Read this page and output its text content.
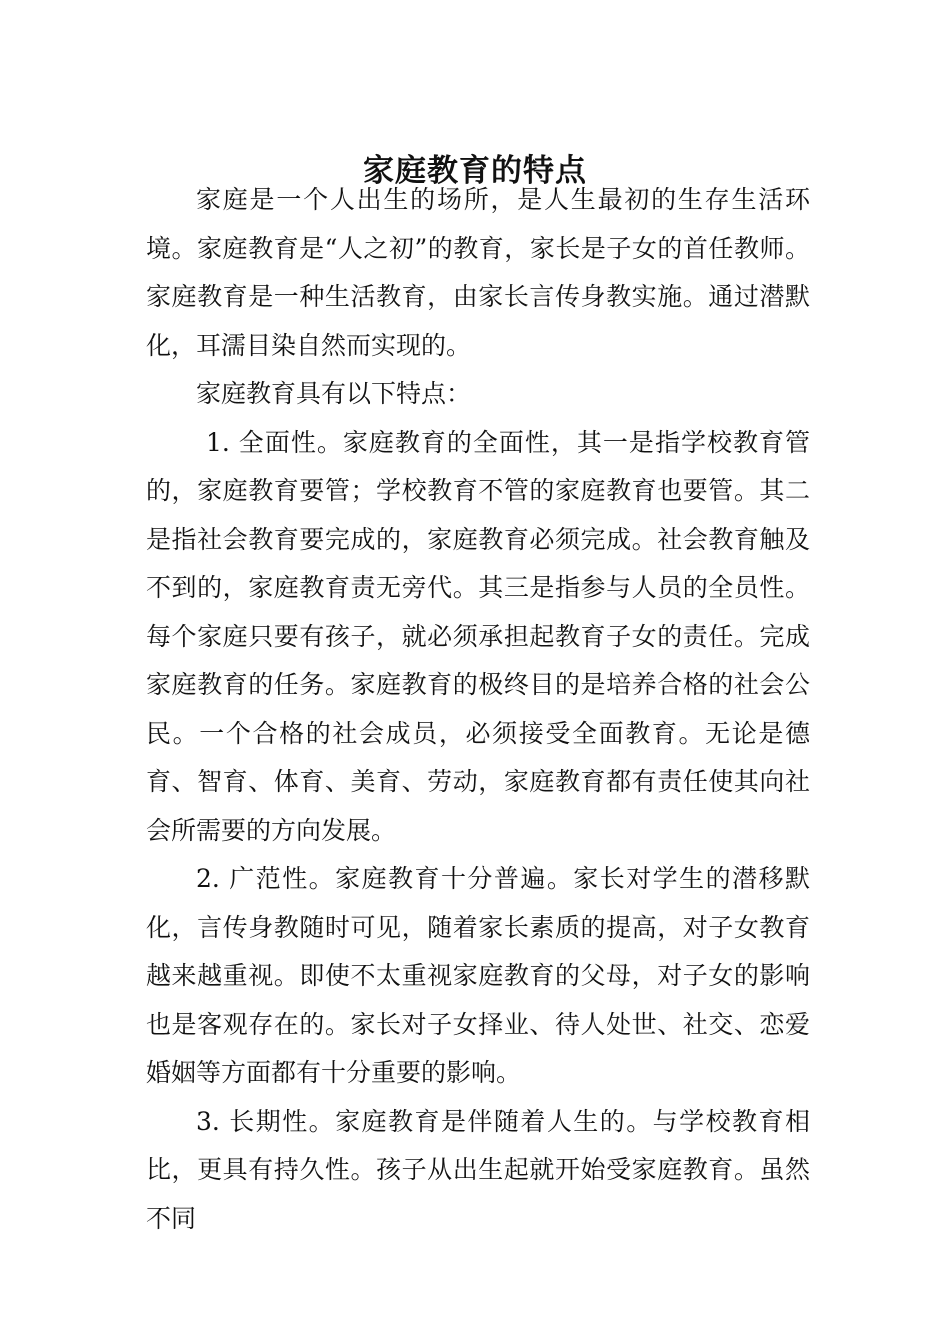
家庭教育的特点

家庭是一个人出生的场所，是人生最初的生存生活环境。家庭教育是“人之初”的教育，家长是子女的首任教师。家庭教育是一种生活教育，由家长言传身教实施。通过潜默化，耳濡目染自然而实现的。

家庭教育具有以下特点：

1. 全面性。家庭教育的全面性，其一是指学校教育管的，家庭教育要管；学校教育不管的家庭教育也要管。其二是指社会教育要完成的，家庭教育必须完成。社会教育触及不到的，家庭教育责无旁代。其三是指参与人员的全员性。每个家庭只要有孩子，就必须承担起教育子女的责任。完成家庭教育的任务。家庭教育的极终目的是培养合格的社会公民。一个合格的社会成员，必须接受全面教育。无论是德育、智育、体育、美育、劳动，家庭教育都有责任使其向社会所需要的方向发展。

2. 广范性。家庭教育十分普遍。家长对学生的潜移默化，言传身教随时可见，随着家长素质的提高，对子女教育越来越重视。即使不太重视家庭教育的父母，对子女的影响也是客观存在的。家长对子女择业、待人处世、社交、恋爱婚姻等方面都有十分重要的影响。

3. 长期性。家庭教育是伴随着人生的。与学校教育相比，更具有持久性。孩子从出生起就开始受家庭教育。虽然不同
